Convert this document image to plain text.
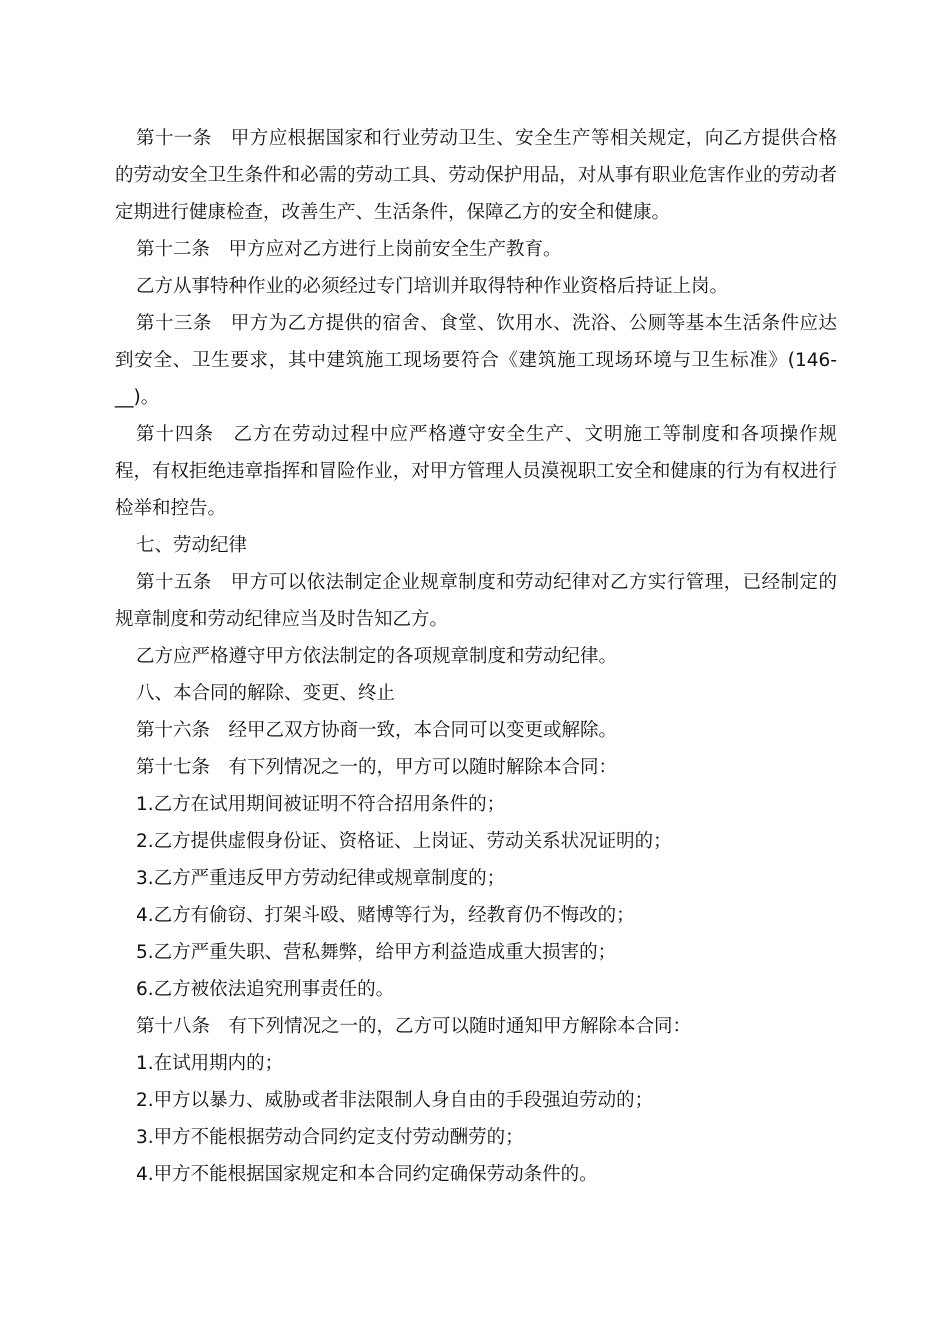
第十一条　甲方应根据国家和行业劳动卫生、安全生产等相关规定，向乙方提供合格的劳动安全卫生条件和必需的劳动工具、劳动保护用品，对从事有职业危害作业的劳动者定期进行健康检查，改善生产、生活条件，保障乙方的安全和健康。

第十二条　甲方应对乙方进行上岗前安全生产教育。

乙方从事特种作业的必须经过专门培训并取得特种作业资格后持证上岗。

第十三条　甲方为乙方提供的宿舍、食堂、饮用水、洗浴、公厕等基本生活条件应达到安全、卫生要求，其中建筑施工现场要符合《建筑施工现场环境与卫生标准》(146-__)。

第十四条　乙方在劳动过程中应严格遵守安全生产、文明施工等制度和各项操作规程，有权拒绝违章指挥和冒险作业，对甲方管理人员漠视职工安全和健康的行为有权进行检举和控告。

七、劳动纪律

第十五条　甲方可以依法制定企业规章制度和劳动纪律对乙方实行管理，已经制定的规章制度和劳动纪律应当及时告知乙方。

乙方应严格遵守甲方依法制定的各项规章制度和劳动纪律。

八、本合同的解除、变更、终止

第十六条　经甲乙双方协商一致，本合同可以变更或解除。

第十七条　有下列情况之一的，甲方可以随时解除本合同：

1.乙方在试用期间被证明不符合招用条件的；

2.乙方提供虚假身份证、资格证、上岗证、劳动关系状况证明的；

3.乙方严重违反甲方劳动纪律或规章制度的；

4.乙方有偷窃、打架斗殴、赌博等行为，经教育仍不悔改的；

5.乙方严重失职、营私舞弊，给甲方利益造成重大损害的；

6.乙方被依法追究刑事责任的。

第十八条　有下列情况之一的，乙方可以随时通知甲方解除本合同：

1.在试用期内的；

2.甲方以暴力、威胁或者非法限制人身自由的手段强迫劳动的；

3.甲方不能根据劳动合同约定支付劳动酬劳的；

4.甲方不能根据国家规定和本合同约定确保劳动条件的。
